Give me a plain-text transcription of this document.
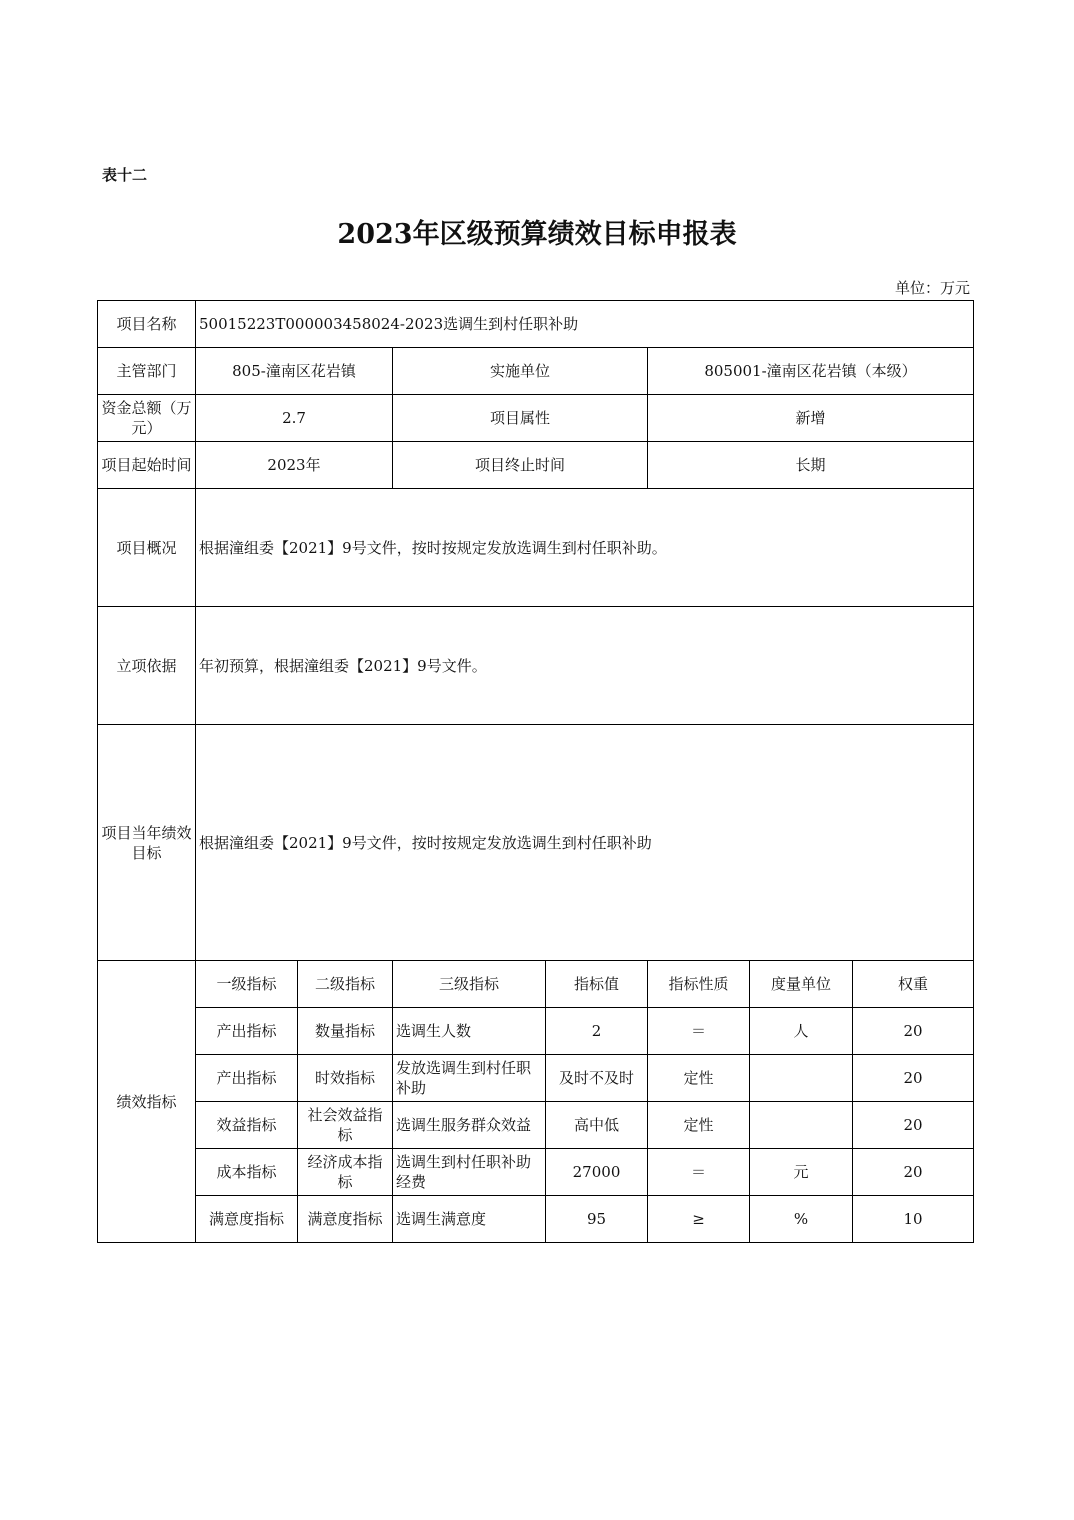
表十二
2023年区级预算绩效目标申报表
单位：万元
项目名称	50015223T000003458024-2023选调生到村任职补助						
主管部门	805-潼南区花岩镇		实施单位		805001-潼南区花岩镇（本级）		
资金总额（万元）	2.7		项目属性		新增		
项目起始时间	2023年		项目终止时间		长期		
项目概况	根据潼组委【2021】9号文件，按时按规定发放选调生到村任职补助。						
立项依据	年初预算，根据潼组委【2021】9号文件。						
项目当年绩效目标	根据潼组委【2021】9号文件，按时按规定发放选调生到村任职补助						
绩效指标	一级指标	二级指标	三级指标	指标值	指标性质	度量单位	权重
	产出指标	数量指标	选调生人数	2	＝	人	20
	产出指标	时效指标	发放选调生到村任职补助	及时不及时	定性		20
	效益指标	社会效益指标	选调生服务群众效益	高中低	定性		20
	成本指标	经济成本指标	选调生到村任职补助经费	27000	＝	元	20
	满意度指标	满意度指标	选调生满意度	95	≥	%	10
